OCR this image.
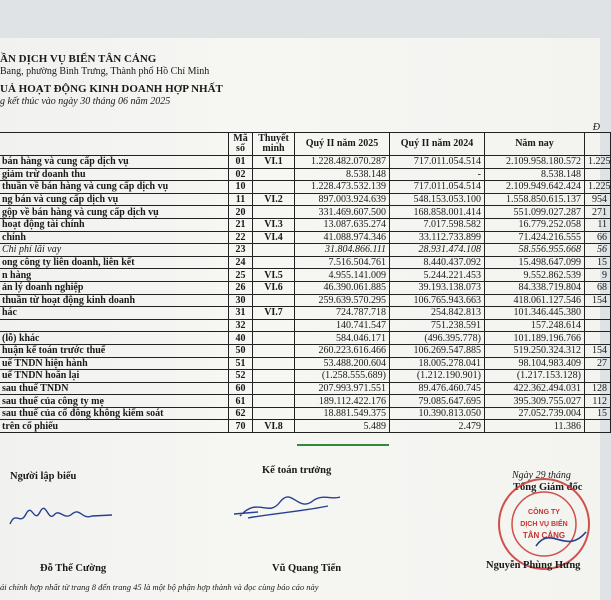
ẦN DỊCH VỤ BIỂN TÂN CẢNG
Bang, phường Bình Trưng, Thành phố Hồ Chí Minh
UẢ HOẠT ĐỘNG KINH DOANH HỢP NHẤT
g kết thúc vào ngày 30 tháng 06 năm 2025
Đ
	Mã số	Thuyết minh	Quý II năm 2025	Quý II năm 2024	Năm nay	
bán hàng và cung cấp dịch vụ	01	VI.1	1.228.482.070.287	717.011.054.514	2.109.958.180.572	1.225
giảm trừ doanh thu	02		8.538.148	-	8.538.148	
thuần về bán hàng và cung cấp dịch vụ	10		1.228.473.532.139	717.011.054.514	2.109.949.642.424	1.225
ng bán và cung cấp dịch vụ	11	VI.2	897.003.924.639	548.153.053.100	1.558.850.615.137	954
gộp về bán hàng và cung cấp dịch vụ	20		331.469.607.500	168.858.001.414	551.099.027.287	271
hoạt động tài chính	21	VI.3	13.087.635.274	7.017.598.582	16.779.252.058	11
chính	22	VI.4	41.088.974.346	33.112.733.899	71.424.216.555	66
Chi phí lãi vay	23		31.804.866.111	28.931.474.108	58.556.955.668	56
ong công ty liên doanh, liên kết	24		7.516.504.761	8.440.437.092	15.498.647.099	15
n hàng	25	VI.5	4.955.141.009	5.244.221.453	9.552.862.539	9
ản lý doanh nghiệp	26	VI.6	46.390.061.885	39.193.138.073	84.338.719.804	68
thuần từ hoạt động kinh doanh	30		259.639.570.295	106.765.943.663	418.061.127.546	154
hác	31	VI.7	724.787.718	254.842.813	101.346.445.380	
	32		140.741.547	751.238.591	157.248.614	
(lỗ) khác	40		584.046.171	(496.395.778)	101.189.196.766	
huận kế toán trước thuế	50		260.223.616.466	106.269.547.885	519.250.324.312	154
uế TNDN hiện hành	51		53.488.200.604	18.005.278.041	98.104.983.409	27
uế TNDN hoãn lại	52		(1.258.555.689)	(1.212.190.901)	(1.217.153.128)	
sau thuế TNDN	60		207.993.971.551	89.476.460.745	422.362.494.031	128
sau thuế của công ty mẹ	61		189.112.422.176	79.085.647.695	395.309.755.027	112
sau thuế của cổ đông không kiểm soát	62		18.881.549.375	10.390.813.050	27.052.739.004	15
trên cổ phiếu	70	VI.8	5.489	2.479	11.386	
Ngày 29 tháng
Người lập biểu
Kế toán trưởng
Tổng Giám đốc
CÔNG TY
DỊCH VỤ BIỂN
TÂN CẢNG
Đỗ Thế Cường	Vũ Quang Tiến	Nguyễn Phùng Hưng
ái chính hợp nhất từ trang 8 đến trang 45 là một bộ phận hợp thành và đọc cùng báo cáo này
